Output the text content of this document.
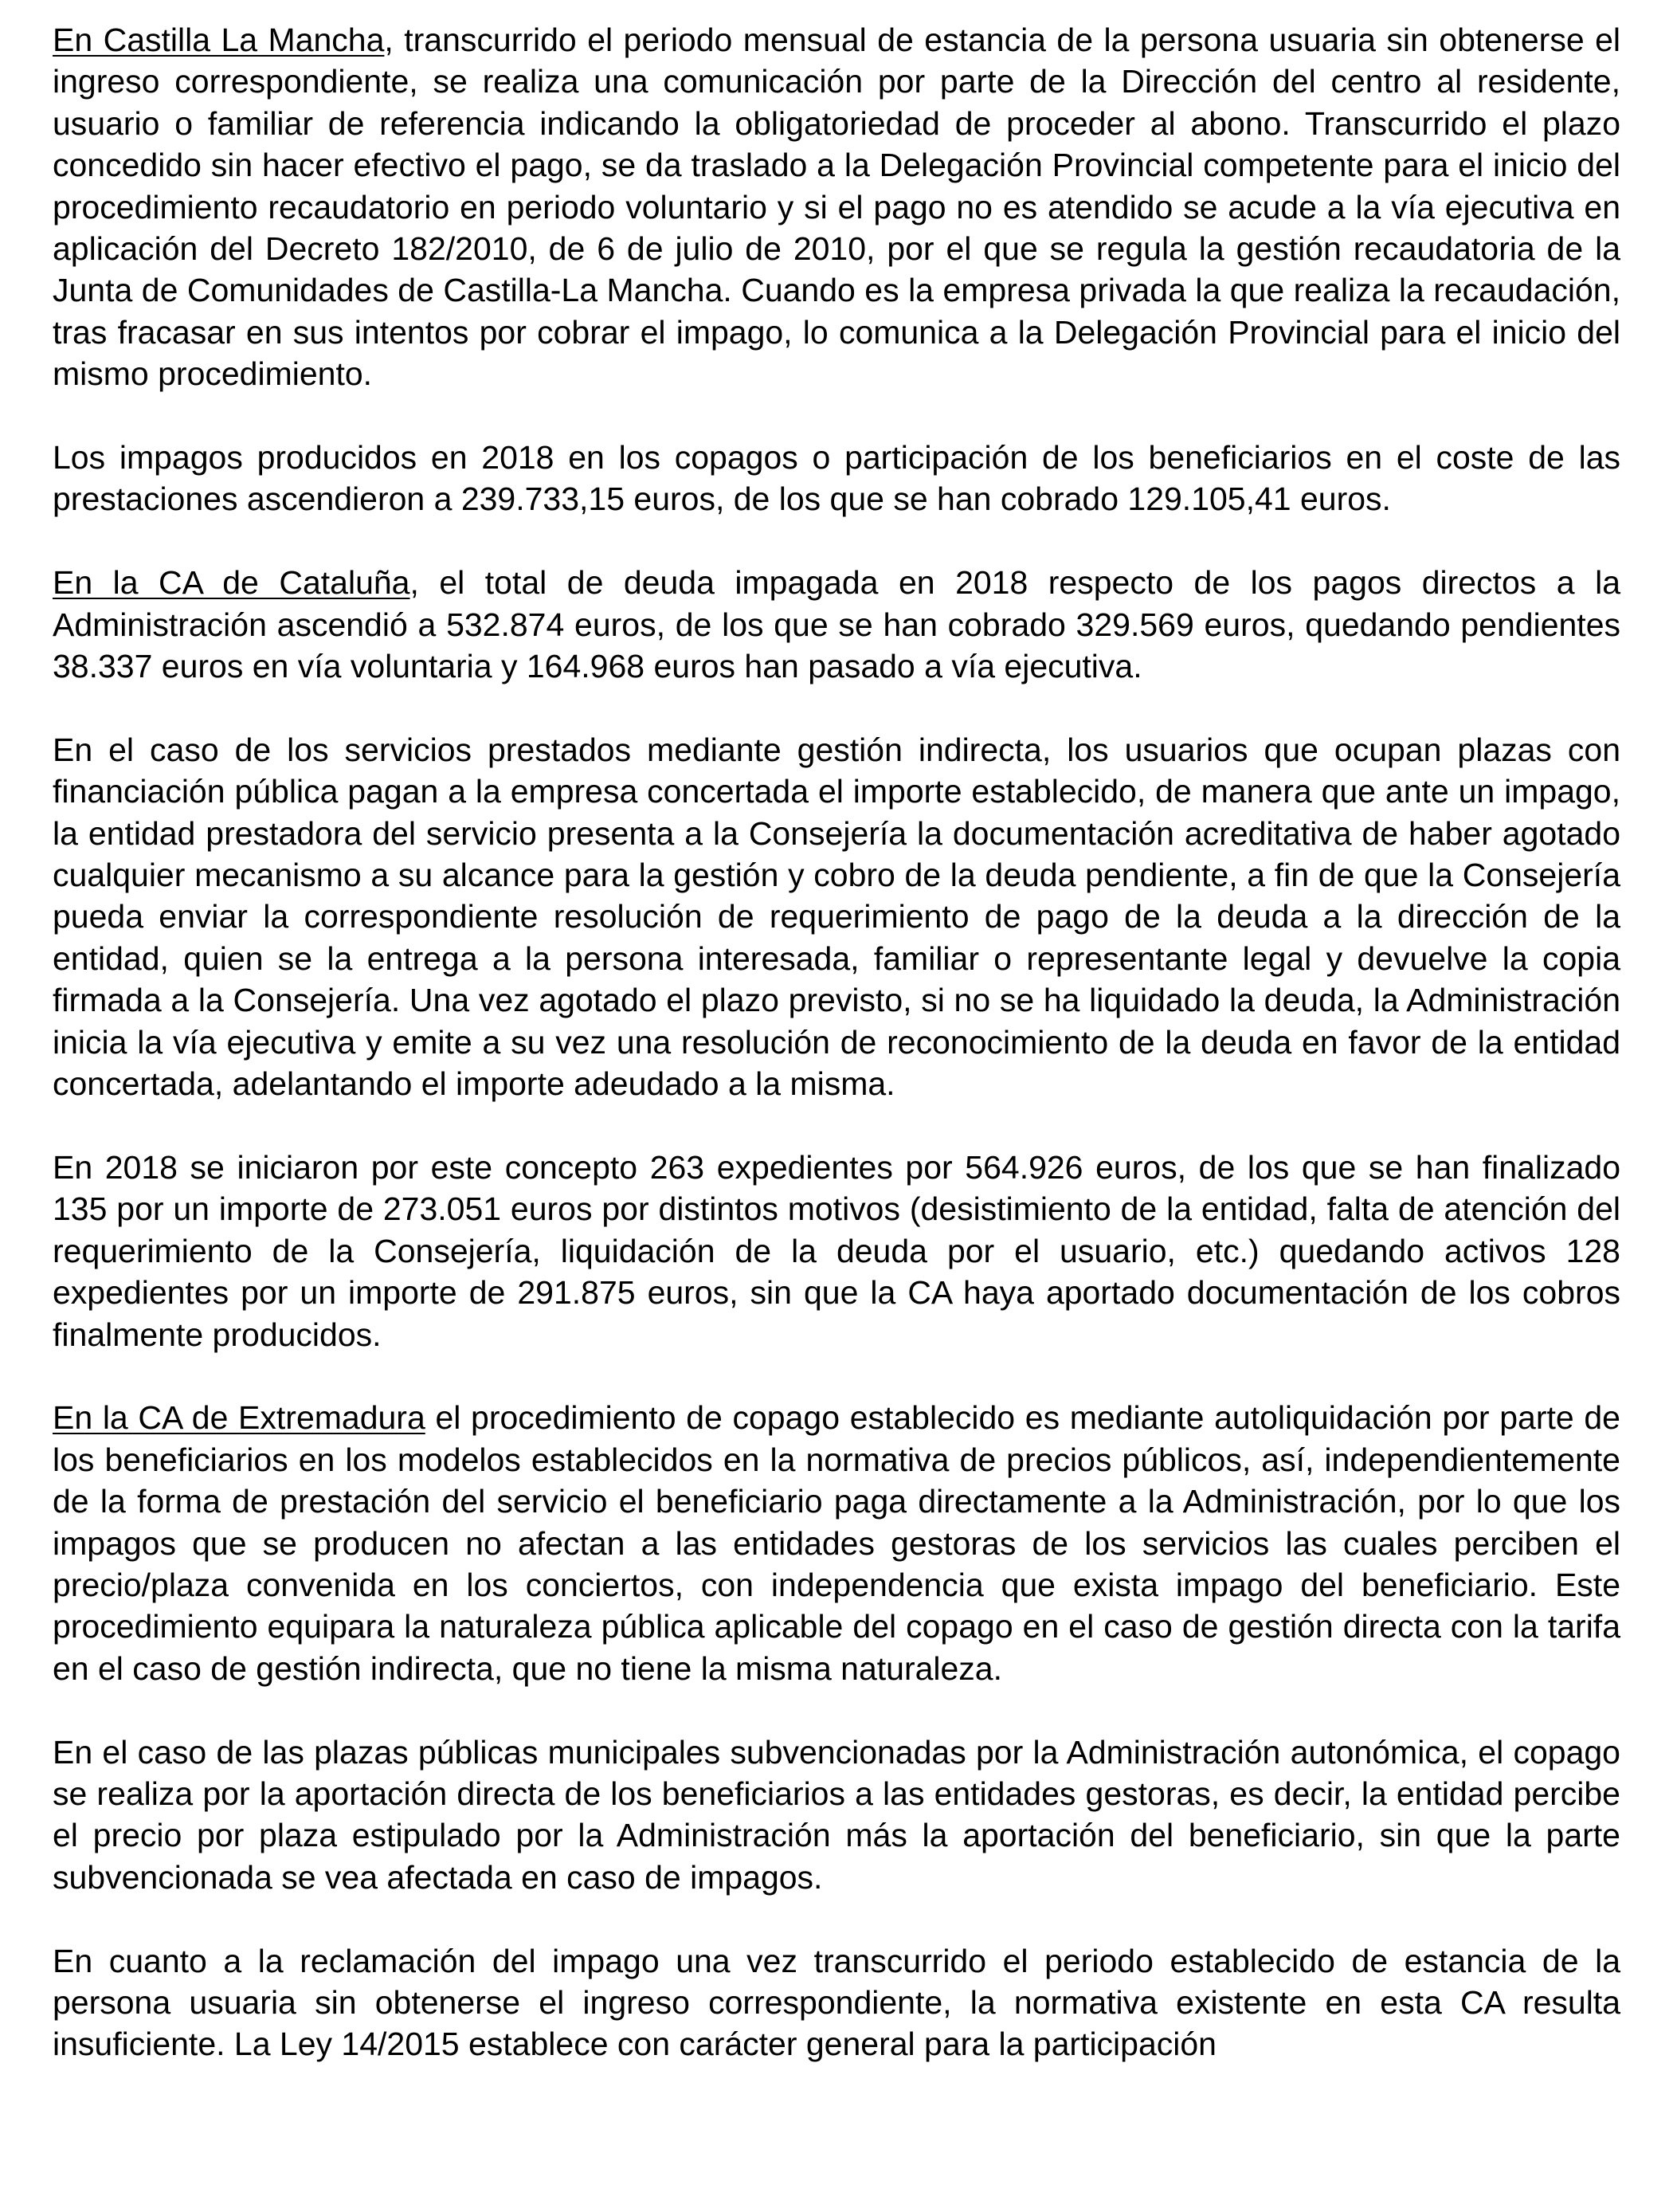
En Castilla La Mancha, transcurrido el periodo mensual de estancia de la persona usuaria sin obtenerse el ingreso correspondiente, se realiza una comunicación por parte de la Dirección del centro al residente, usuario o familiar de referencia indicando la obligatoriedad de proceder al abono. Transcurrido el plazo concedido sin hacer efectivo el pago, se da traslado a la Delegación Provincial competente para el inicio del procedimiento recaudatorio en periodo voluntario y si el pago no es atendido se acude a la vía ejecutiva en aplicación del Decreto 182/2010, de 6 de julio de 2010, por el que se regula la gestión recaudatoria de la Junta de Comunidades de Castilla-La Mancha. Cuando es la empresa privada la que realiza la recaudación, tras fracasar en sus intentos por cobrar el impago, lo comunica a la Delegación Provincial para el inicio del mismo procedimiento.

Los impagos producidos en 2018 en los copagos o participación de los beneficiarios en el coste de las prestaciones ascendieron a 239.733,15 euros, de los que se han cobrado 129.105,41 euros.

En la CA de Cataluña, el total de deuda impagada en 2018 respecto de los pagos directos a la Administración ascendió a 532.874 euros, de los que se han cobrado 329.569 euros, quedando pendientes 38.337 euros en vía voluntaria y 164.968 euros han pasado a vía ejecutiva.

En el caso de los servicios prestados mediante gestión indirecta, los usuarios que ocupan plazas con financiación pública pagan a la empresa concertada el importe establecido, de manera que ante un impago, la entidad prestadora del servicio presenta a la Consejería la documentación acreditativa de haber agotado cualquier mecanismo a su alcance para la gestión y cobro de la deuda pendiente, a fin de que la Consejería pueda enviar la correspondiente resolución de requerimiento de pago de la deuda a la dirección de la entidad, quien se la entrega a la persona interesada, familiar o representante legal y devuelve la copia firmada a la Consejería. Una vez agotado el plazo previsto, si no se ha liquidado la deuda, la Administración inicia la vía ejecutiva y emite a su vez una resolución de reconocimiento de la deuda en favor de la entidad concertada, adelantando el importe adeudado a la misma.

En 2018 se iniciaron por este concepto 263 expedientes por 564.926 euros, de los que se han finalizado 135 por un importe de 273.051 euros por distintos motivos (desistimiento de la entidad, falta de atención del requerimiento de la Consejería, liquidación de la deuda por el usuario, etc.) quedando activos 128 expedientes por un importe de 291.875 euros, sin que la CA haya aportado documentación de los cobros finalmente producidos.

En la CA de Extremadura el procedimiento de copago establecido es mediante autoliquidación por parte de los beneficiarios en los modelos establecidos en la normativa de precios públicos, así, independientemente de la forma de prestación del servicio el beneficiario paga directamente a la Administración, por lo que los impagos que se producen no afectan a las entidades gestoras de los servicios las cuales perciben el precio/plaza convenida en los conciertos, con independencia que exista impago del beneficiario. Este procedimiento equipara la naturaleza pública aplicable del copago en el caso de gestión directa con la tarifa en el caso de gestión indirecta, que no tiene la misma naturaleza.

En el caso de las plazas públicas municipales subvencionadas por la Administración autonómica, el copago se realiza por la aportación directa de los beneficiarios a las entidades gestoras, es decir, la entidad percibe el precio por plaza estipulado por la Administración más la aportación del beneficiario, sin que la parte subvencionada se vea afectada en caso de impagos.

En cuanto a la reclamación del impago una vez transcurrido el periodo establecido de estancia de la persona usuaria sin obtenerse el ingreso correspondiente, la normativa existente en esta CA resulta insuficiente. La Ley 14/2015 establece con carácter general para la participación
